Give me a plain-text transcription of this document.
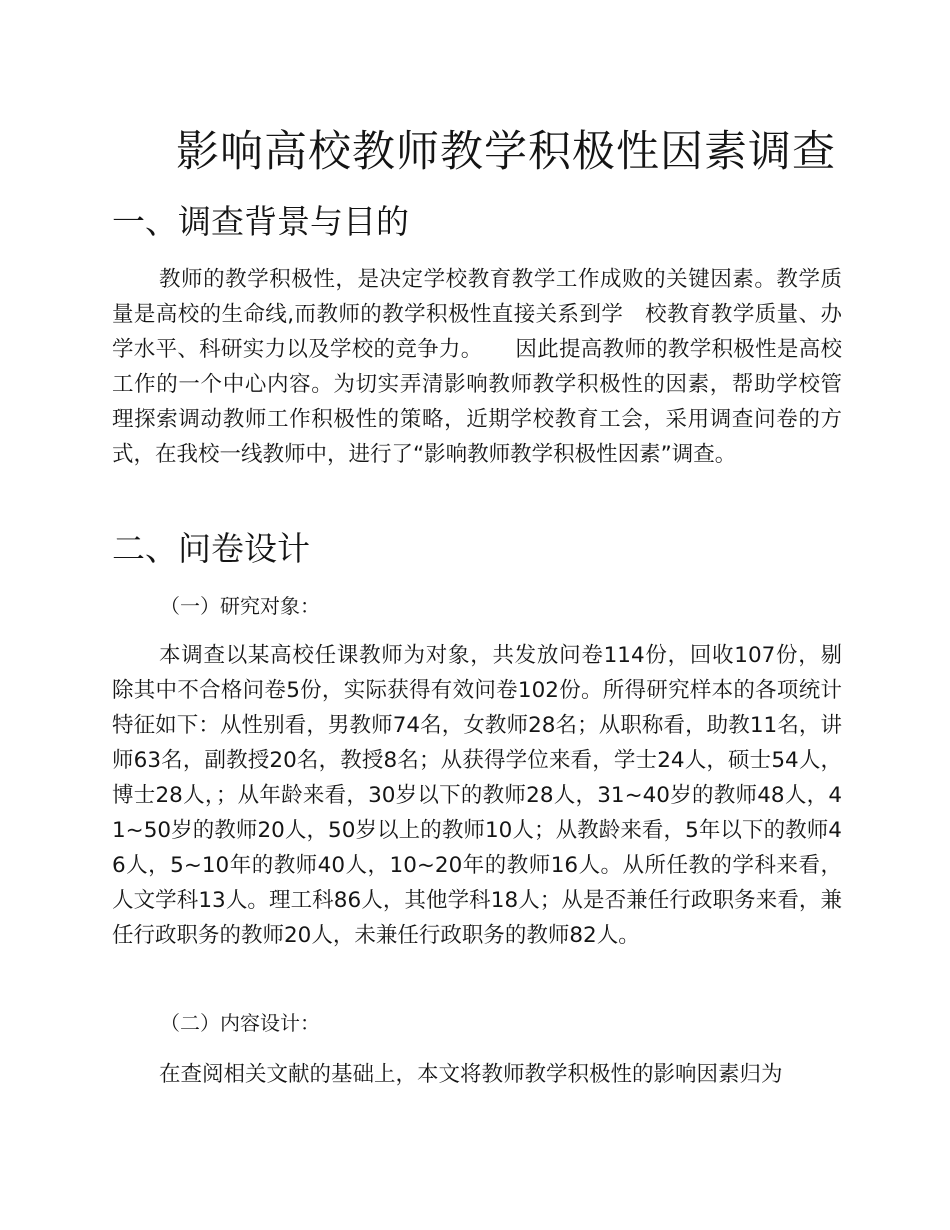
影响高校教师教学积极性因素调查
一、调查背景与目的
教师的教学积极性，是决定学校教育教学工作成败的关键因素。教学质量是高校的生命线,而教师的教学积极性直接关系到学　校教育教学质量、办学水平、科研实力以及学校的竞争力。　　因此提高教师的教学积极性是高校工作的一个中心内容。为切实弄清影响教师教学积极性的因素，帮助学校管理探索调动教师工作积极性的策略，近期学校教育工会，采用调查问卷的方式，在我校一线教师中，进行了“影响教师教学积极性因素”调查。
二、问卷设计
（一）研究对象：
本调查以某高校任课教师为对象，共发放问卷114份，回收107份，剔除其中不合格问卷5份，实际获得有效问卷102份。所得研究样本的各项统计特征如下：从性别看，男教师74名，女教师28名；从职称看，助教11名，讲师63名，副教授20名，教授8名；从获得学位来看，学士24人，硕士54人，博士28人，；从年龄来看，30岁以下的教师28人，31~40岁的教师48人，41~50岁的教师20人，50岁以上的教师10人；从教龄来看，5年以下的教师46人，5~10年的教师40人，10~20年的教师16人。从所任教的学科来看，人文学科13人。理工科86人，其他学科18人；从是否兼任行政职务来看，兼任行政职务的教师20人，未兼任行政职务的教师82人。
（二）内容设计：
在查阅相关文献的基础上，本文将教师教学积极性的影响因素归为
